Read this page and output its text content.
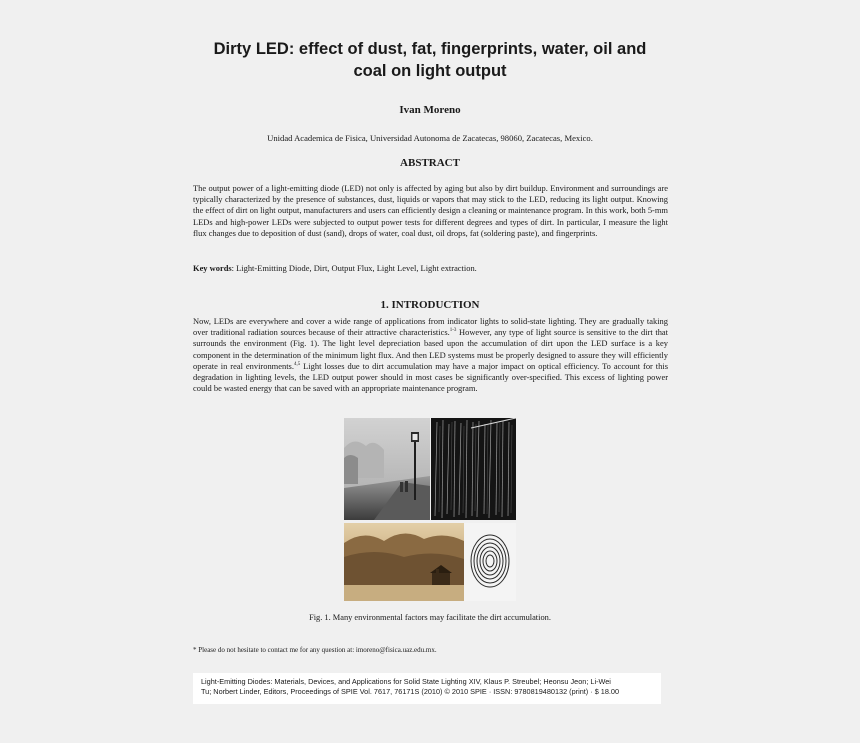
Dirty LED: effect of dust, fat, fingerprints, water, oil and
coal on light output

Ivan Moreno

Unidad Academica de Fisica, Universidad Autonoma de Zacatecas, 98060, Zacatecas, Mexico.

ABSTRACT

The output power of a light-emitting diode (LED) not only is affected by aging but also by dirt buildup. Environment and surroundings are typically characterized by the presence of substances, dust, liquids or vapors that may stick to the LED, reducing its light output. Knowing the effect of dirt on light output, manufacturers and users can efficiently design a cleaning or maintenance program. In this work, both 5-mm LEDs and high-power LEDs were subjected to output power tests for different degrees and types of dirt. In particular, I measure the light flux changes due to deposition of dust (sand), drops of water, coal dust, oil drops, fat (soldering paste), and fingerprints.

Key words: Light-Emitting Diode, Dirt, Output Flux, Light Level, Light extraction.

1. INTRODUCTION

Now, LEDs are everywhere and cover a wide range of applications from indicator lights to solid-state lighting. They are gradually taking over traditional radiation sources because of their attractive characteristics.$^{1-3}$ However, any type of light source is sensitive to the dirt that surrounds the environment (Fig. 1). The light level depreciation based upon the accumulation of dirt upon the LED surface is a key component in the determination of the minimum light flux. And then LED systems must be properly designed to assure they will efficiently operate in real environments.$^{4,5}$ Light losses due to dirt accumulation may have a major impact on optical efficiency. To account for this degradation in lighting levels, the LED output power should in most cases be significantly over-specified. This excess of lighting power could be wasted energy that can be saved with an appropriate maintenance program.

Fig. 1. Many environmental factors may facilitate the dirt accumulation.

* Please do not hesitate to contact me for any question at: imoreno@fisica.uaz.edu.mx.

Light-Emitting Diodes: Materials, Devices, and Applications for Solid State Lighting XIV, Klaus P. Streubel; Heonsu Jeon; Li-Wei
Tu; Norbert Linder, Editors, Proceedings of SPIE Vol. 7617, 76171S (2010) © 2010 SPIE · ISSN: 9780819480132 (print) · $ 18.00
